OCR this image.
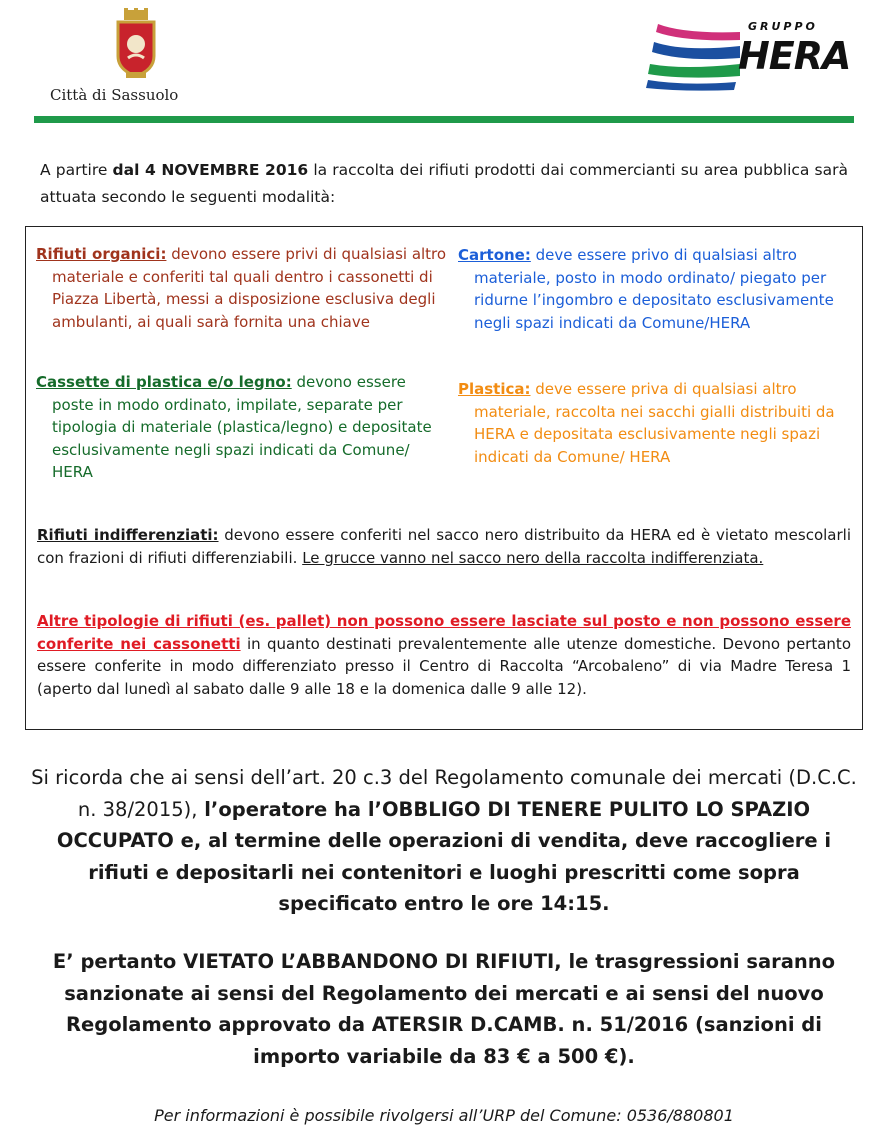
Città di Sassuolo
GRUPPO
HERA
A partire dal 4 NOVEMBRE 2016 la raccolta dei rifiuti prodotti dai commercianti su area pubblica sarà attuata secondo le seguenti modalità:
Rifiuti organici: devono essere privi di qualsiasi altro materiale e conferiti tal quali dentro i cassonetti di Piazza Libertà, messi a disposizione esclusiva degli ambulanti, ai quali sarà fornita una chiave
Cassette di plastica e/o legno: devono essere poste in modo ordinato, impilate, separate per tipologia di materiale (plastica/legno) e depositate esclusivamente negli spazi indicati da Comune/ HERA
Cartone: deve essere privo di qualsiasi altro materiale, posto in modo ordinato/ piegato per ridurne l’ingombro e depositato esclusivamente negli spazi indicati da Comune/HERA
Plastica: deve essere priva di qualsiasi altro materiale, raccolta nei sacchi gialli distribuiti da HERA e depositata esclusivamente negli spazi indicati da Comune/ HERA
Rifiuti indifferenziati: devono essere conferiti nel sacco nero distribuito da HERA ed è vietato mescolarli con frazioni di rifiuti differenziabili. Le grucce vanno nel sacco nero della raccolta indifferenziata.
Altre tipologie di rifiuti (es. pallet) non possono essere lasciate sul posto e non possono essere conferite nei cassonetti in quanto destinati prevalentemente alle utenze domestiche. Devono pertanto essere conferite in modo differenziato presso il Centro di Raccolta “Arcobaleno” di via Madre Teresa 1 (aperto dal lunedì al sabato dalle 9 alle 18 e la domenica dalle 9 alle 12).
Si ricorda che ai sensi dell’art. 20 c.3 del Regolamento comunale dei mercati (D.C.C. n. 38/2015), l’operatore ha l’OBBLIGO DI TENERE PULITO LO SPAZIO OCCUPATO e, al termine delle operazioni di vendita, deve raccogliere i rifiuti e depositarli nei contenitori e luoghi prescritti come sopra specificato entro le ore 14:15.
E’ pertanto VIETATO L’ABBANDONO DI RIFIUTI, le trasgressioni saranno sanzionate ai sensi del Regolamento dei mercati e ai sensi del nuovo Regolamento approvato da ATERSIR D.CAMB. n. 51/2016 (sanzioni di importo variabile da 83 € a 500 €).
Per informazioni è possibile rivolgersi all’URP del Comune: 0536/880801
